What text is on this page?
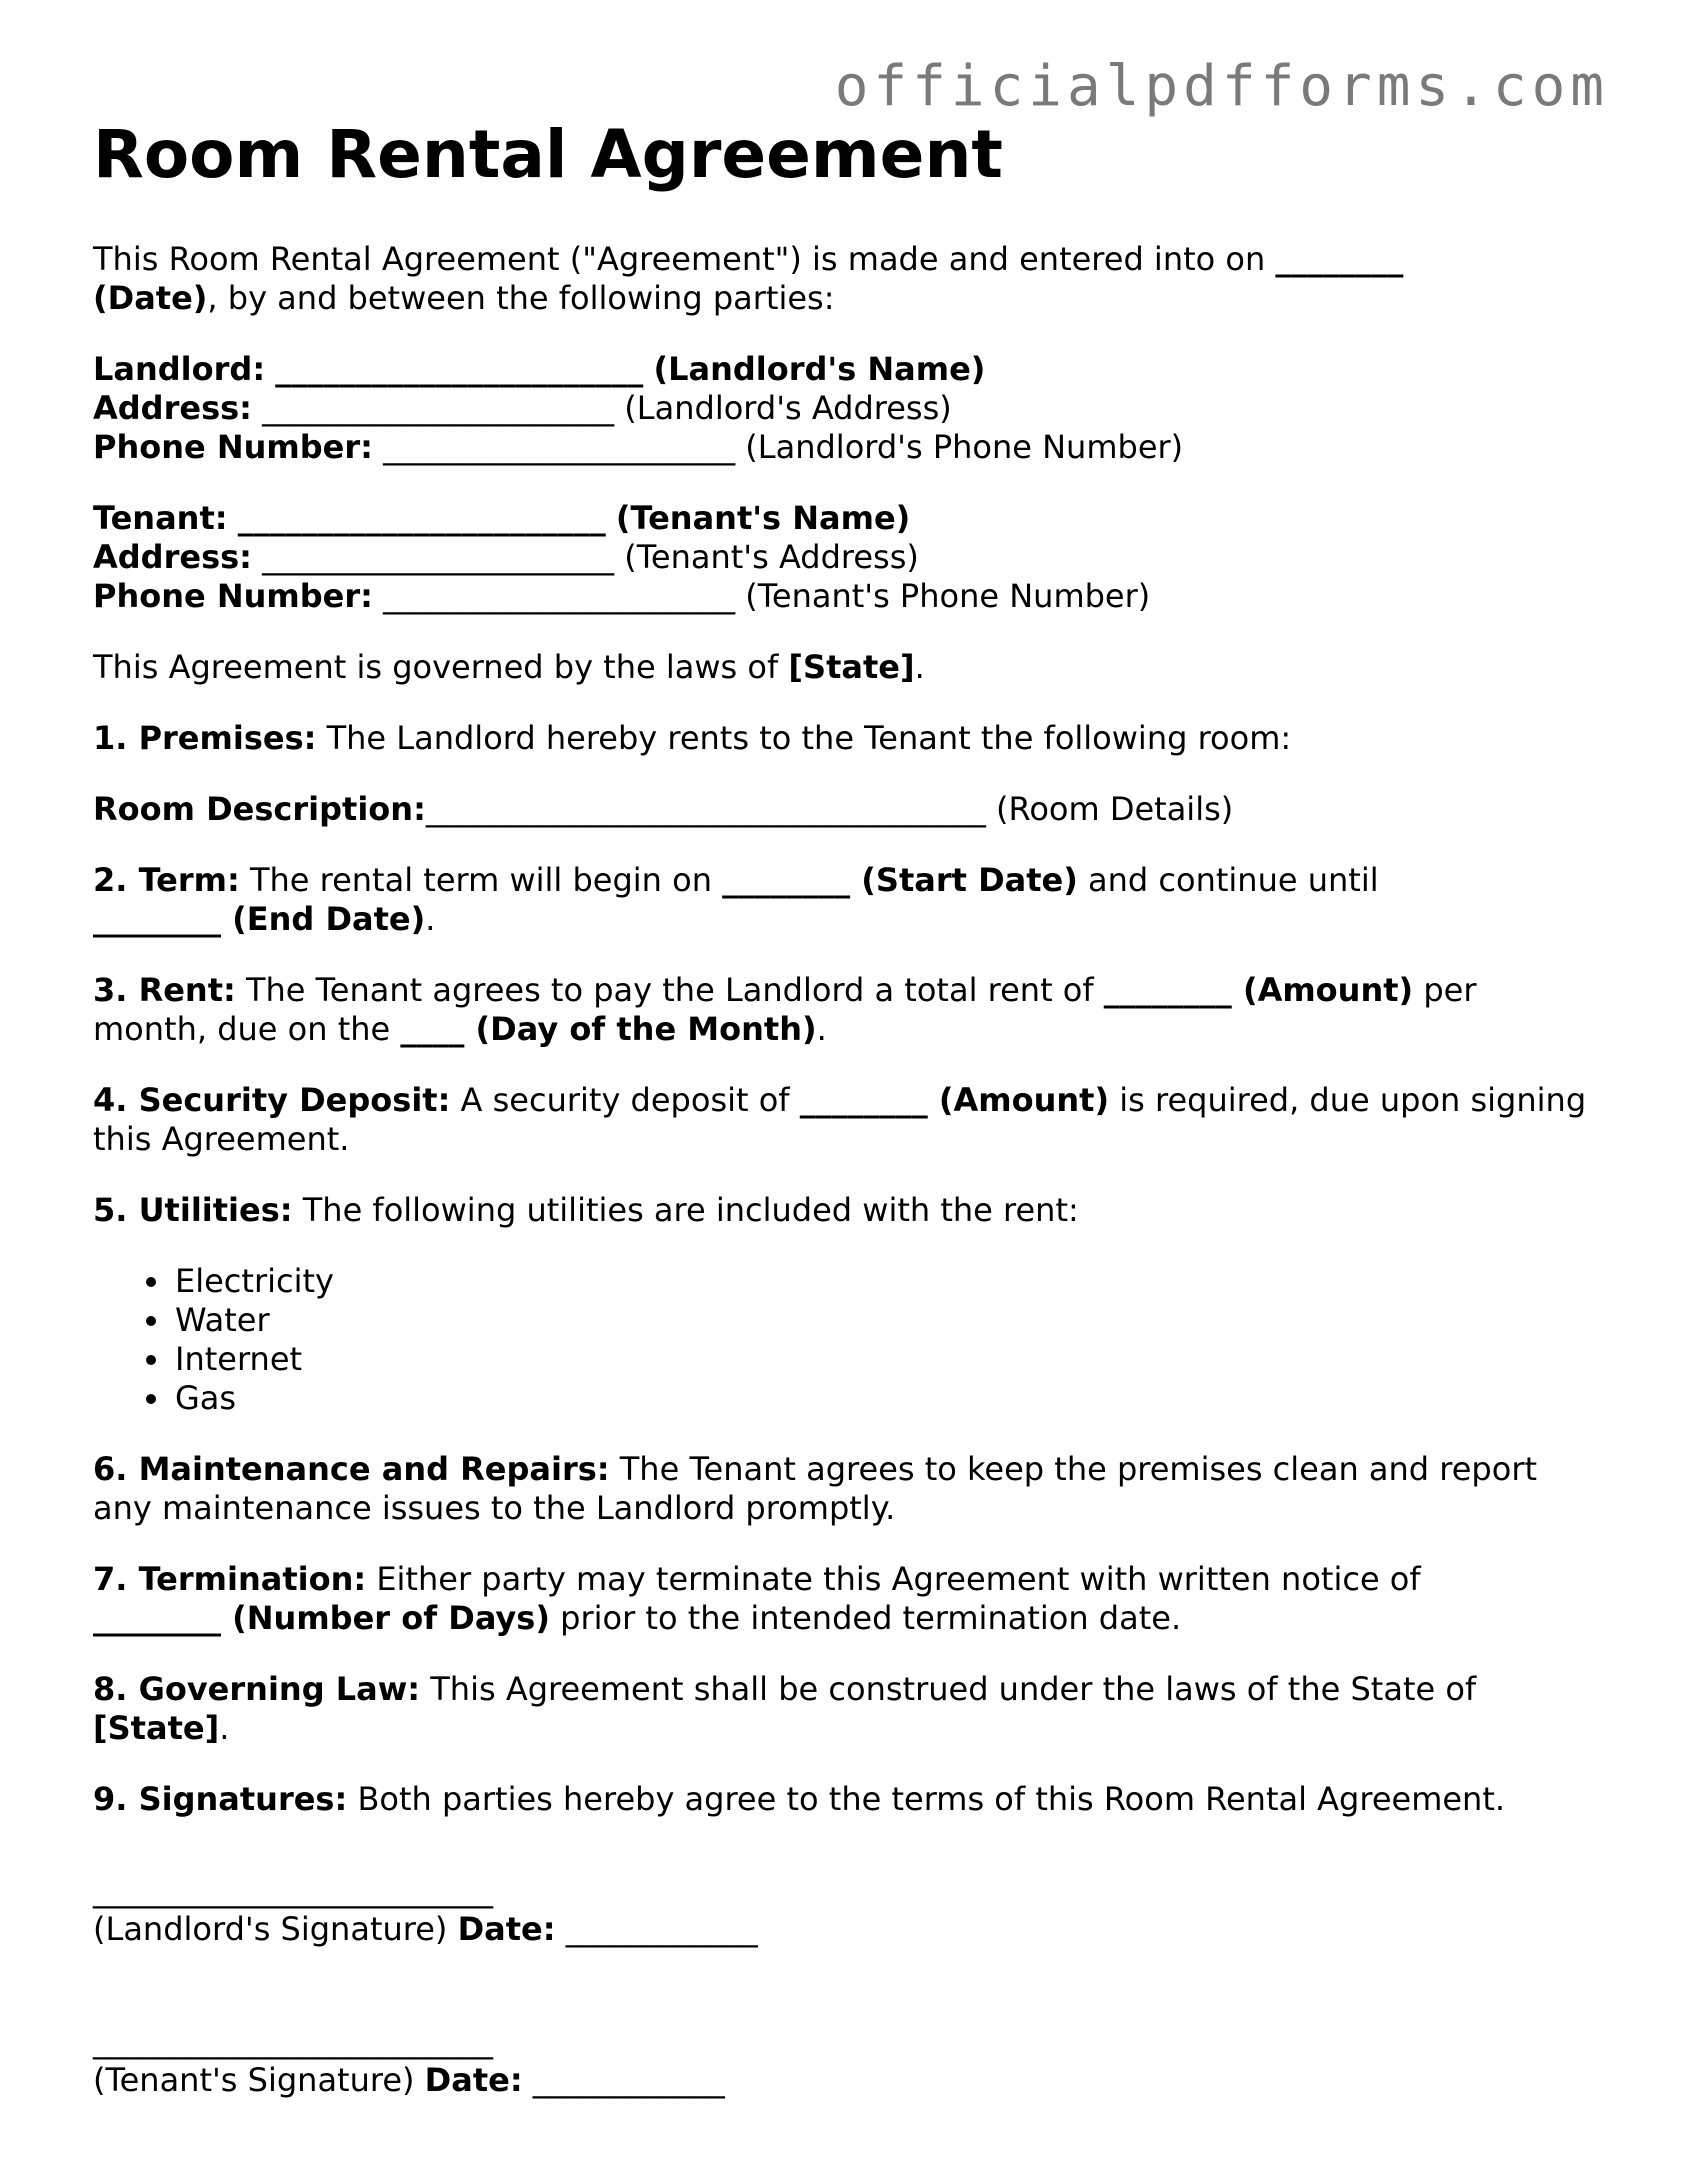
officialpdfforms.com
Room Rental Agreement

This Room Rental Agreement ("Agreement") is made and entered into on ________
(Date), by and between the following parties:

Landlord: _______________________ (Landlord's Name)
Address: ______________________ (Landlord's Address)
Phone Number: ______________________ (Landlord's Phone Number)
Tenant: _______________________ (Tenant's Name)
Address: ______________________ (Tenant's Address)
Phone Number: ______________________ (Tenant's Phone Number)

This Agreement is governed by the laws of [State].

1. Premises: The Landlord hereby rents to the Tenant the following room:

Room Description:___________________________________ (Room Details)

2. Term: The rental term will begin on ________ (Start Date) and continue until
________ (End Date).

3. Rent: The Tenant agrees to pay the Landlord a total rent of ________ (Amount) per month, due on the ____ (Day of the Month).

4. Security Deposit: A security deposit of ________ (Amount) is required, due upon signing this Agreement.

5. Utilities: The following utilities are included with the rent:

• Electricity
• Water
• Internet
• Gas

6. Maintenance and Repairs: The Tenant agrees to keep the premises clean and report any maintenance issues to the Landlord promptly.

7. Termination: Either party may terminate this Agreement with written notice of
________ (Number of Days) prior to the intended termination date.

8. Governing Law: This Agreement shall be construed under the laws of the State of
[State].

9. Signatures: Both parties hereby agree to the terms of this Room Rental Agreement.

_________________________
(Landlord's Signature) Date: ____________
_________________________
(Tenant's Signature) Date: ____________
